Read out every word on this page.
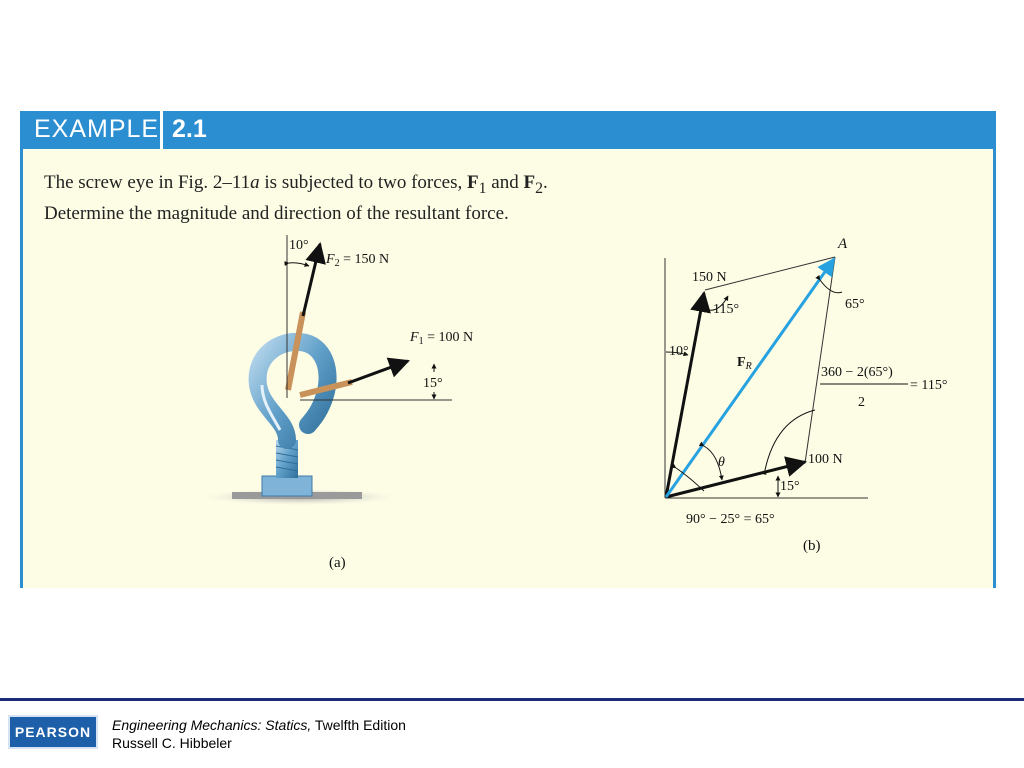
EXAMPLE 2.1

The screw eye in Fig. 2–11a is subjected to two forces, $F_1$ and $F_2$.

Determine the magnitude and direction of the resultant force.

10°
$F_2 = 150$ N
15°
$F_1 = 100$ N
(a)
A
150 N
115°	65°
10°
$F_R$	360 − 2(65°)
2
= 115°
θ	100 N
15°
90° − 25° = 65°
(b)
PEARSON	Engineering Mechanics: Statics, Twelfth Edition
Russell C. Hibbeler
